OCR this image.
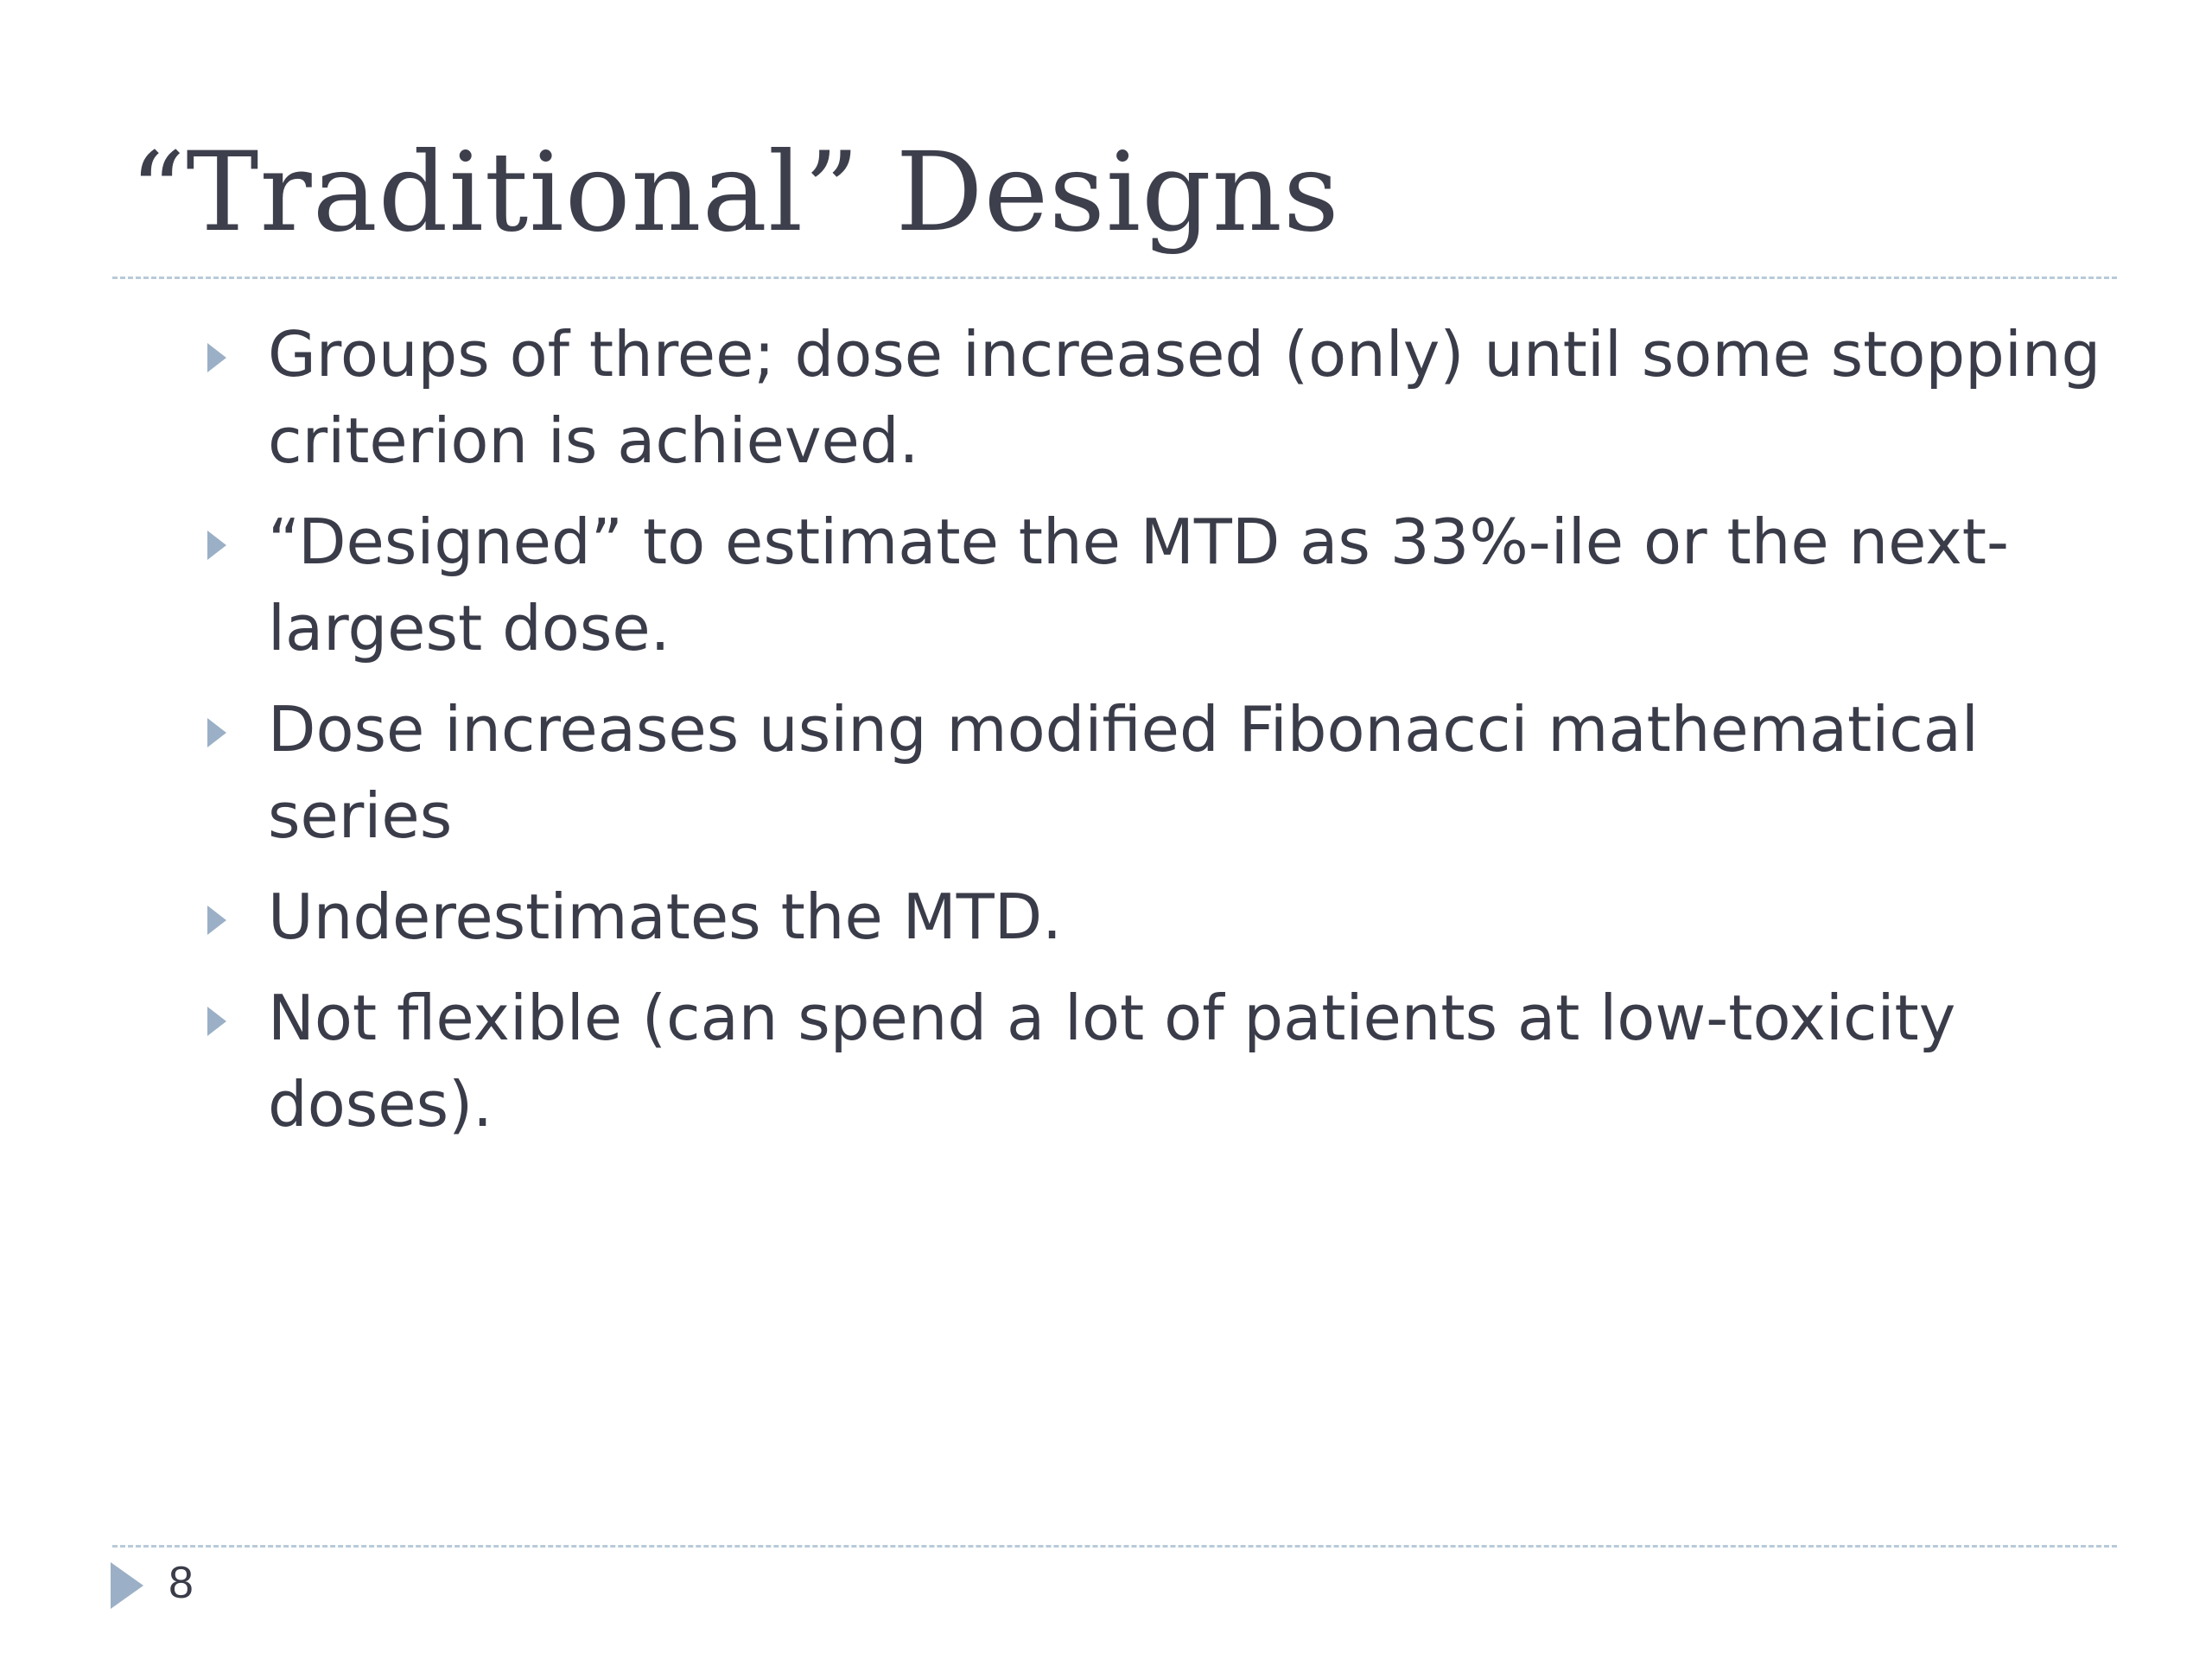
“Traditional” Designs
Groups of three; dose increased (only) until some stopping criterion is achieved.
“Designed” to estimate the MTD as 33%-ile or the next-largest dose.
Dose increases using modified Fibonacci mathematical series
Underestimates the MTD.
Not flexible (can spend a lot of patients at low-toxicity doses).
8
